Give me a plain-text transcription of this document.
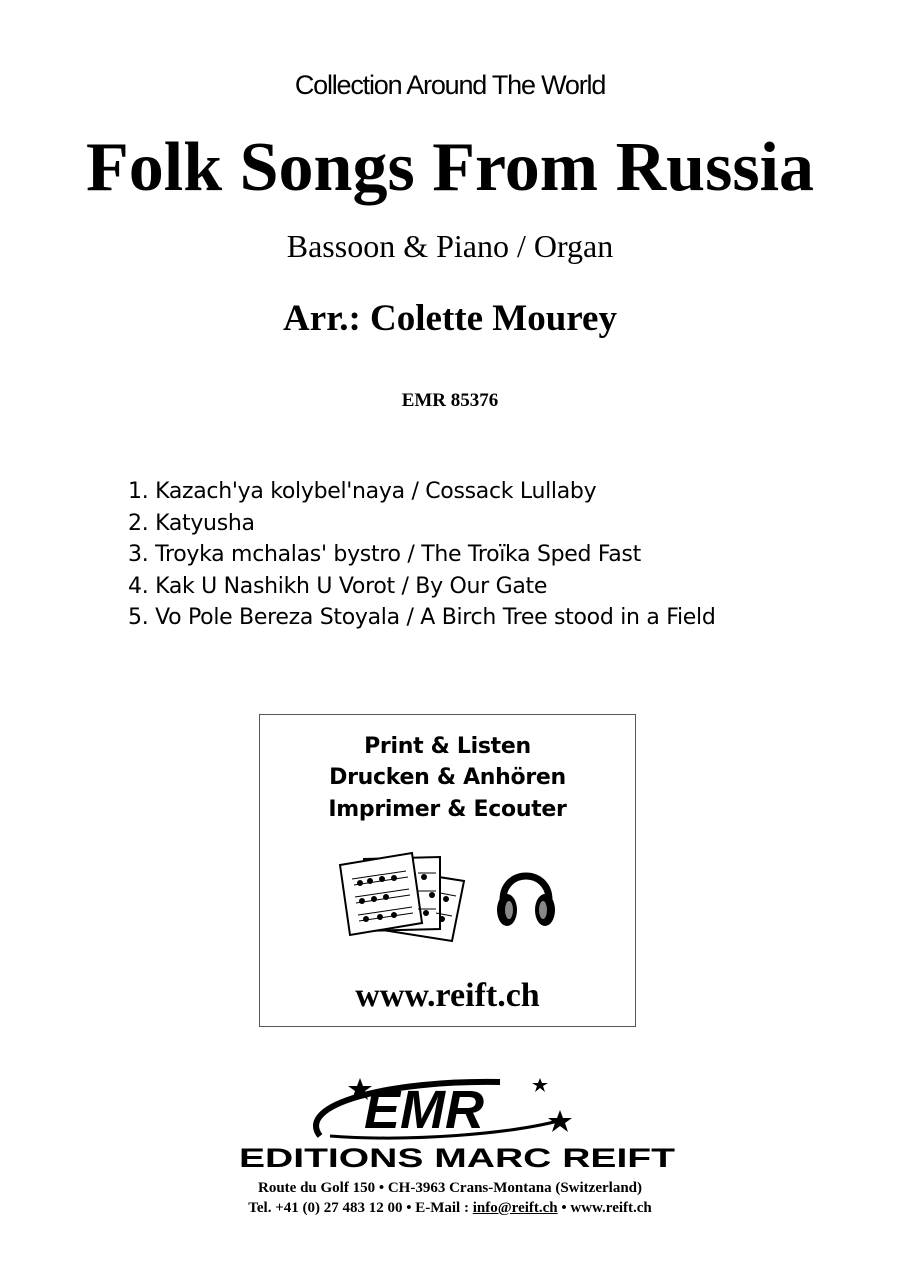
Collection Around The World
Folk Songs From Russia
Bassoon & Piano / Organ
Arr.: Colette Mourey
EMR 85376
1. Kazach'ya kolybel'naya / Cossack Lullaby
2. Katyusha
3. Troyka mchalas' bystro / The Troïka Sped Fast
4. Kak U Nashikh U Vorot / By Our Gate
5. Vo Pole Bereza Stoyala / A Birch Tree stood in a Field
Print & Listen
Drucken & Anhören
Imprimer & Ecouter
www.reift.ch
EMR
EDITIONS MARC REIFT
Route du Golf 150 • CH-3963 Crans-Montana (Switzerland)
Tel. +41 (0) 27 483 12 00 • E-Mail : info@reift.ch • www.reift.ch
